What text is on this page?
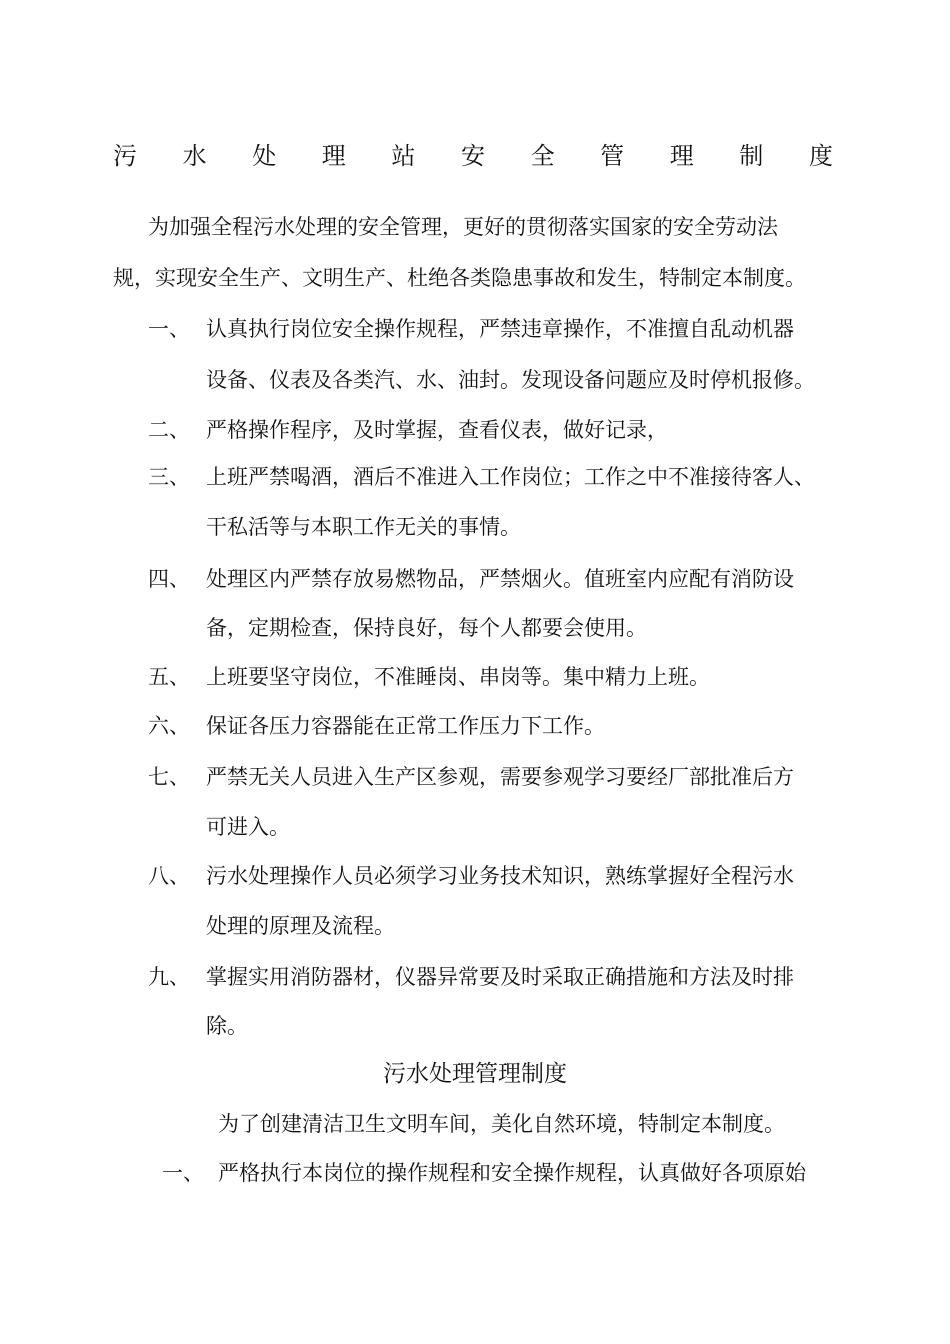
污 水 处 理 站 安 全 管 理 制 度
为加强全程污水处理的安全管理，更好的贯彻落实国家的安全劳动法
规，实现安全生产、文明生产、杜绝各类隐患事故和发生，特制定本制度。
一、 认真执行岗位安全操作规程，严禁违章操作，不准擅自乱动机器
设备、仪表及各类汽、水、油封。发现设备问题应及时停机报修。
二、 严格操作程序，及时掌握，查看仪表，做好记录，
三、 上班严禁喝酒，酒后不准进入工作岗位；工作之中不准接待客人、
干私活等与本职工作无关的事情。
四、 处理区内严禁存放易燃物品，严禁烟火。值班室内应配有消防设
备，定期检查，保持良好，每个人都要会使用。
五、 上班要坚守岗位，不准睡岗、串岗等。集中精力上班。
六、 保证各压力容器能在正常工作压力下工作。
七、 严禁无关人员进入生产区参观，需要参观学习要经厂部批准后方
可进入。
八、 污水处理操作人员必须学习业务技术知识，熟练掌握好全程污水
处理的原理及流程。
九、 掌握实用消防器材，仪器异常要及时采取正确措施和方法及时排
除。
污水处理管理制度
为了创建清洁卫生文明车间，美化自然环境，特制定本制度。
一、 严格执行本岗位的操作规程和安全操作规程，认真做好各项原始
